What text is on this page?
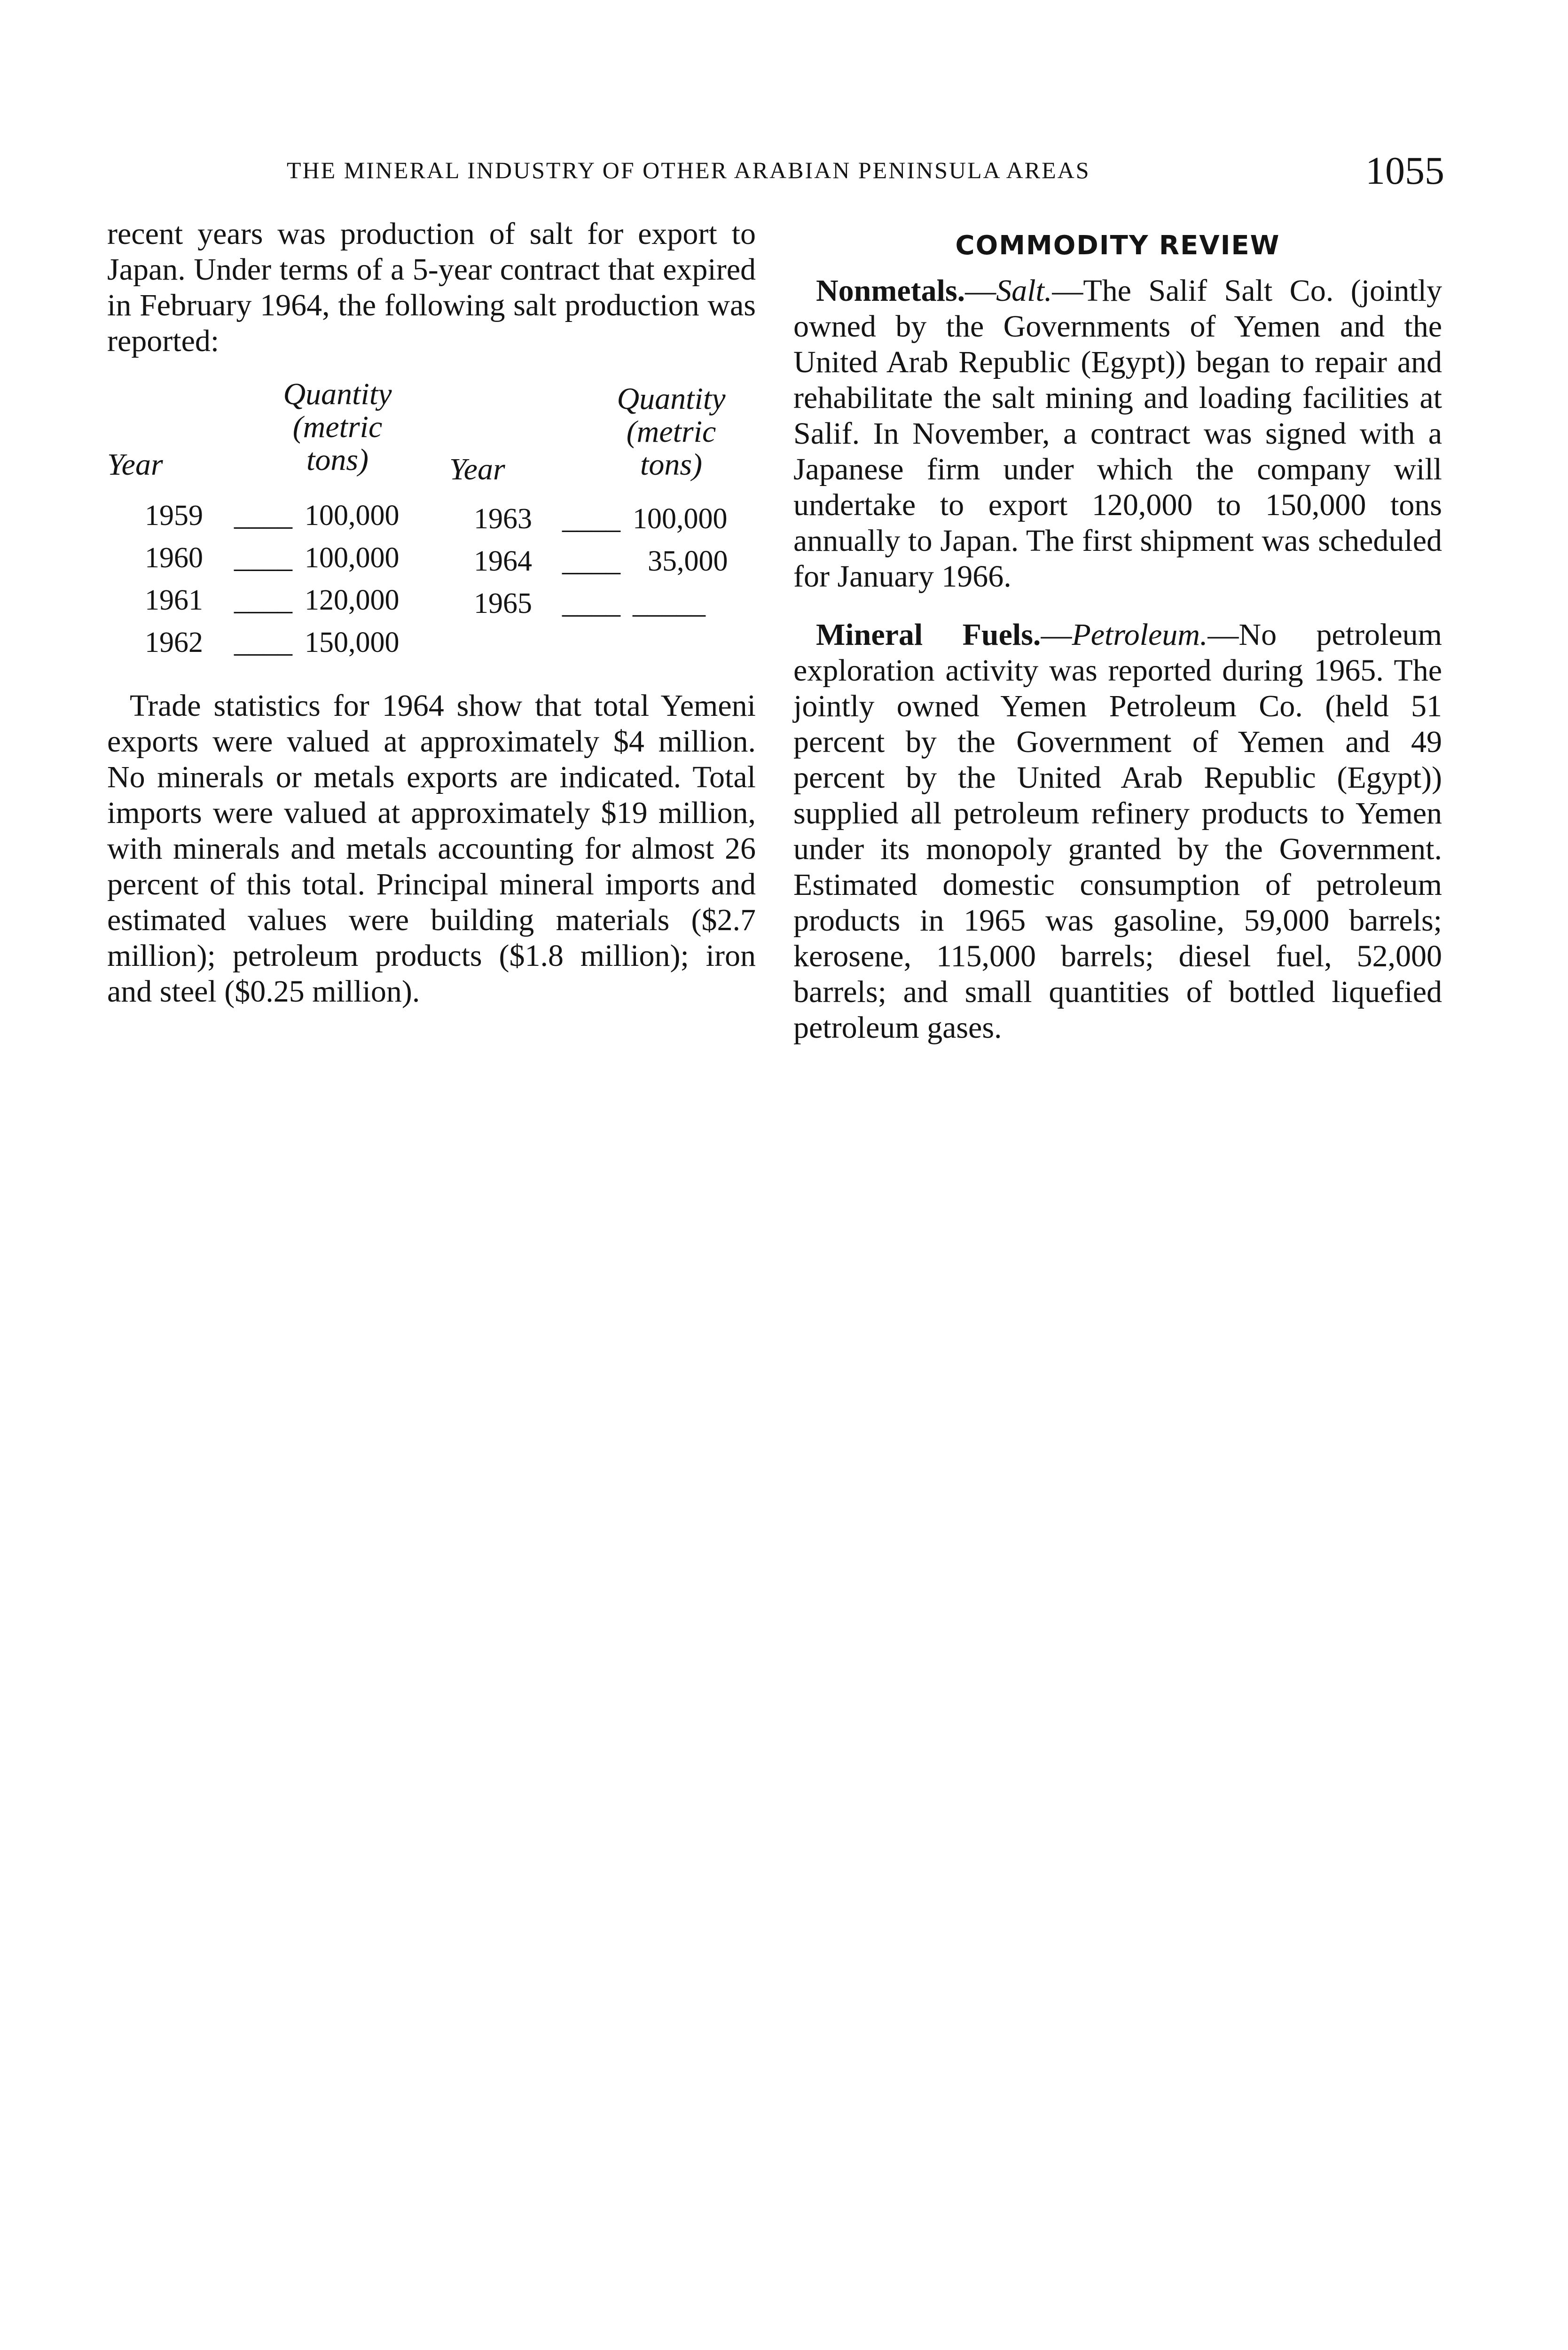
THE MINERAL INDUSTRY OF OTHER ARABIAN PENINSULA AREAS	1055

recent years was production of salt for export to Japan. Under terms of a 5-year contract that expired in February 1964, the following salt production was reported:

Year
Quantity
(metric
tons)	Year
Quantity
(metric
tons)
1959 ____ 100,000
1960 ____ 100,000
1961 ____ 120,000
1962 ____ 150,000
1963 ____ 100,000
1964 ____ 35,000
1965 ____ _____

Trade statistics for 1964 show that total Yemeni exports were valued at approximately $4 million. No minerals or metals exports are indicated. Total imports were valued at approximately $19 million, with minerals and metals accounting for almost 26 percent of this total. Principal mineral imports and estimated values were building materials ($2.7 million); petroleum products ($1.8 million); iron and steel ($0.25 million).

COMMODITY REVIEW

Nonmetals.—Salt.—The Salif Salt Co. (jointly owned by the Governments of Yemen and the United Arab Republic (Egypt)) began to repair and rehabilitate the salt mining and loading facilities at Salif. In November, a contract was signed with a Japanese firm under which the company will undertake to export 120,000 to 150,000 tons annually to Japan. The first shipment was scheduled for January 1966.

Mineral Fuels.—Petroleum.—No petroleum exploration activity was reported during 1965. The jointly owned Yemen Petroleum Co. (held 51 percent by the Government of Yemen and 49 percent by the United Arab Republic (Egypt)) supplied all petroleum refinery products to Yemen under its monopoly granted by the Government. Estimated domestic consumption of petroleum products in 1965 was gasoline, 59,000 barrels; kerosene, 115,000 barrels; diesel fuel, 52,000 barrels; and small quantities of bottled liquefied petroleum gases.
